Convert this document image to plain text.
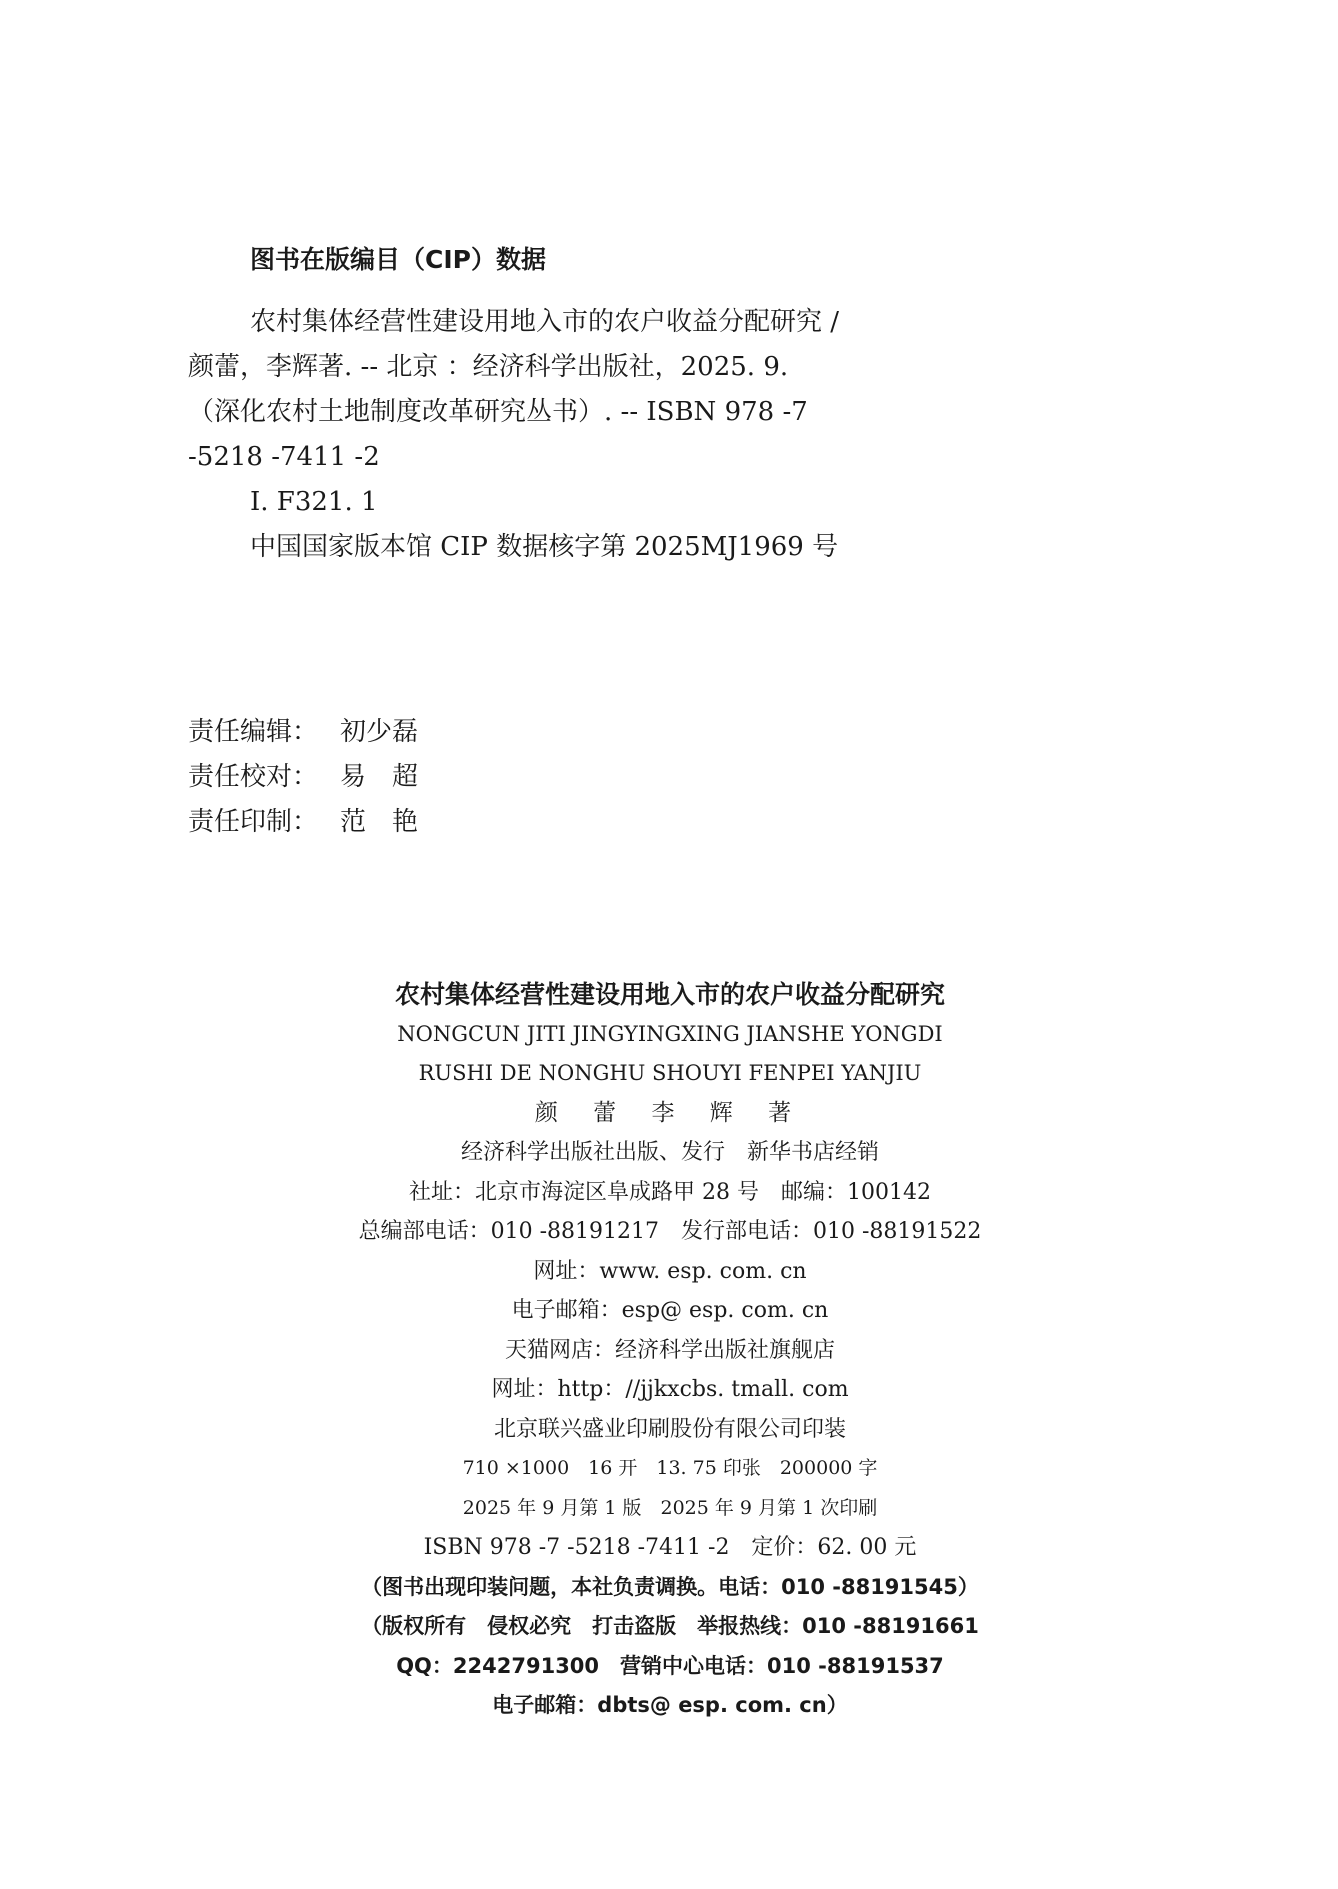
图书在版编目（CIP）数据
农村集体经营性建设用地入市的农户收益分配研究 /
颜蕾，李辉著. -- 北京 ：经济科学出版社，2025. 9.
（深化农村土地制度改革研究丛书）. -- ISBN 978 -7
-5218 -7411 -2
Ⅰ. F321. 1
中国国家版本馆 CIP 数据核字第 2025MJ1969 号
责任编辑： 初少磊
责任校对： 易　超
责任印制： 范　艳
农村集体经营性建设用地入市的农户收益分配研究
NONGCUN JITI JINGYINGXING JIANSHE YONGDI
RUSHI DE NONGHU SHOUYI FENPEI YANJIU
颜 蕾 李 辉 著
经济科学出版社出版、发行　新华书店经销
社址：北京市海淀区阜成路甲 28 号　邮编：100142
总编部电话：010 -88191217　发行部电话：010 -88191522
网址：www. esp. com. cn
电子邮箱：esp@ esp. com. cn
天猫网店：经济科学出版社旗舰店
网址：http：//jjkxcbs. tmall. com
北京联兴盛业印刷股份有限公司印装
710 ×1000　16 开　13. 75 印张　200000 字
2025 年 9 月第 1 版　2025 年 9 月第 1 次印刷
ISBN 978 -7 -5218 -7411 -2　定价：62. 00 元
（图书出现印装问题，本社负责调换。电话：010 -88191545）
（版权所有　侵权必究　打击盗版　举报热线：010 -88191661
QQ：2242791300　营销中心电话：010 -88191537
电子邮箱：dbts@ esp. com. cn）
